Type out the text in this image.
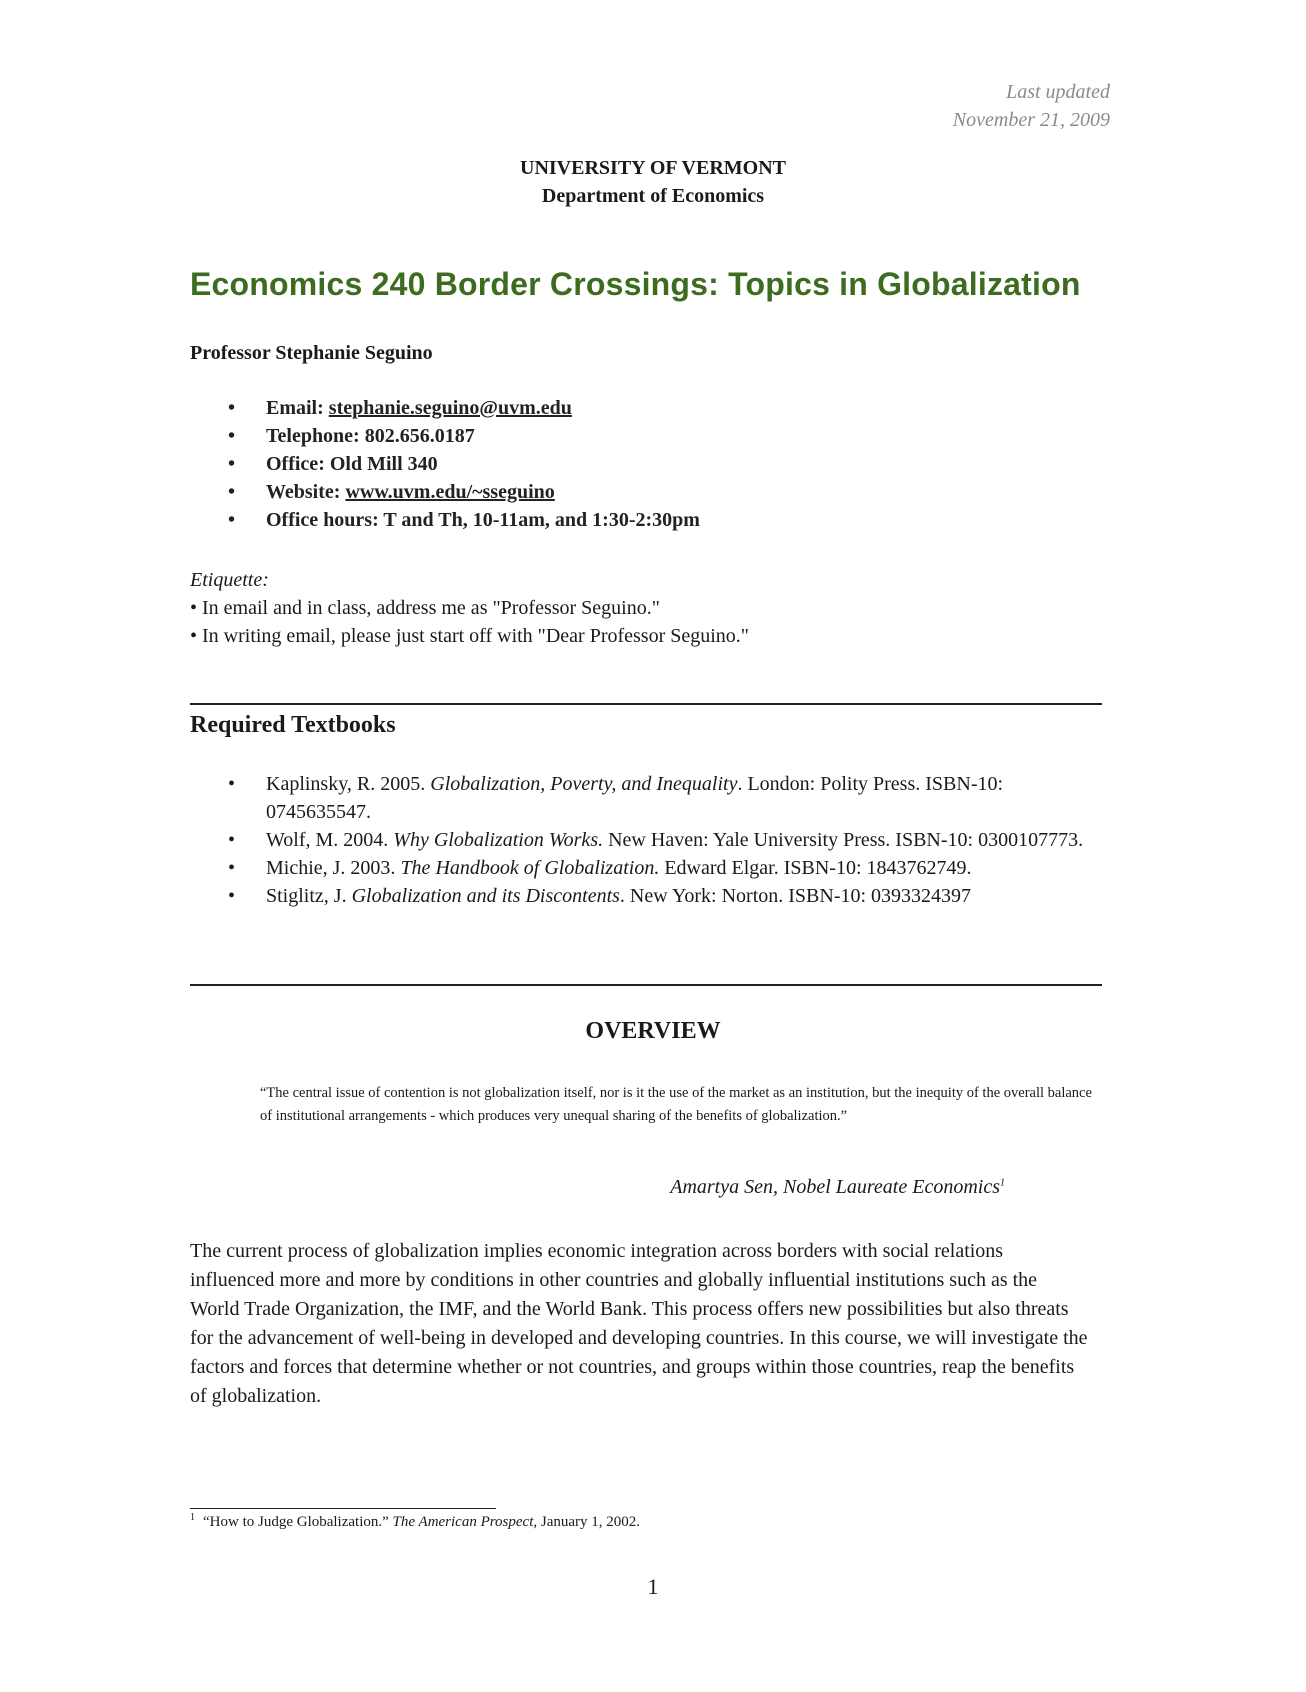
Last updated
November 21, 2009
UNIVERSITY OF VERMONT
Department of Economics
Economics 240 Border Crossings: Topics in Globalization
Professor Stephanie Seguino
• Email: stephanie.seguino@uvm.edu
• Telephone: 802.656.0187
• Office: Old Mill 340
• Website: www.uvm.edu/~sseguino
• Office hours: T and Th, 10-11am, and 1:30-2:30pm
Etiquette:
• In email and in class, address me as "Professor Seguino."
• In writing email, please just start off with "Dear Professor Seguino."
Required Textbooks
• Kaplinsky, R. 2005. Globalization, Poverty, and Inequality. London: Polity Press. ISBN-10: 0745635547.
• Wolf, M. 2004. Why Globalization Works. New Haven: Yale University Press. ISBN-10: 0300107773.
• Michie, J. 2003. The Handbook of Globalization. Edward Elgar. ISBN-10: 1843762749.
• Stiglitz, J. Globalization and its Discontents. New York: Norton. ISBN-10: 0393324397
OVERVIEW
“The central issue of contention is not globalization itself, nor is it the use of the market as an institution, but the inequity of the overall balance of institutional arrangements - which produces very unequal sharing of the benefits of globalization.”
Amartya Sen, Nobel Laureate Economics$^1$
The current process of globalization implies economic integration across borders with social relations influenced more and more by conditions in other countries and globally influential institutions such as the World Trade Organization, the IMF, and the World Bank. This process offers new possibilities but also threats for the advancement of well-being in developed and developing countries. In this course, we will investigate the factors and forces that determine whether or not countries, and groups within those countries, reap the benefits of globalization.
$^1$ “How to Judge Globalization.” The American Prospect, January 1, 2002.
1
